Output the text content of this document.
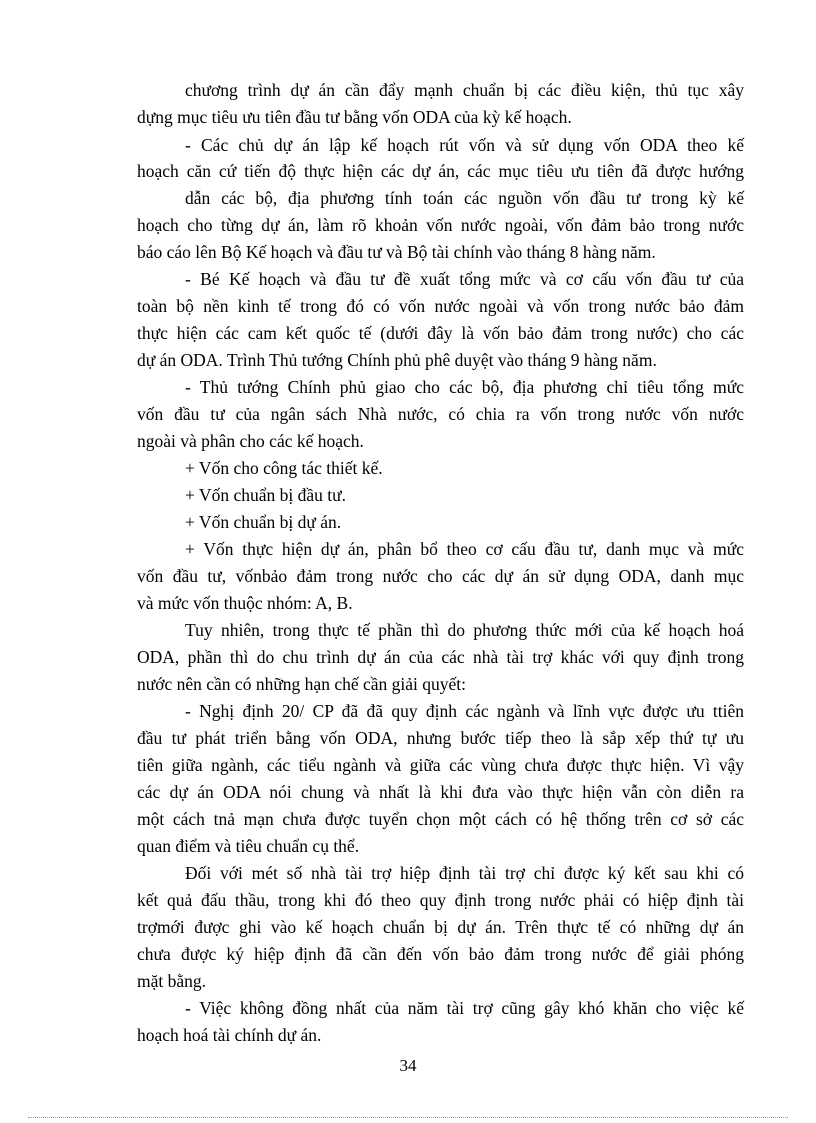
chương trình dự án cần đẩy mạnh chuẩn bị các điều kiện, thủ tục xây
dựng mục tiêu ưu tiên đầu tư bằng vốn ODA của kỳ kế hoạch.
- Các chủ dự án lập kế hoạch rút vốn và sử dụng vốn ODA theo kế
hoạch căn cứ tiến độ thực hiện các dự án, các mục tiêu ưu tiên đã được hướng
dẫn các bộ, địa phương tính toán các nguồn vốn đầu tư trong kỳ kế
hoạch cho từng dự án, làm rõ khoản vốn nước ngoài, vốn đảm bảo trong nước
báo cáo lên Bộ Kế hoạch và đầu tư và Bộ tài chính vào tháng 8 hàng năm.
- Bé Kế hoạch và đầu tư đề xuất tổng mức và cơ cấu vốn đầu tư của
toàn bộ nền kinh tế trong đó có vốn nước ngoài và vốn trong nước bảo đảm
thực hiện các cam kết quốc tế (dưới đây là vốn bảo đảm trong nước) cho các
dự án ODA. Trình Thủ tướng Chính phủ phê duyệt vào tháng 9 hàng năm.
- Thủ tướng Chính phủ giao cho các bộ, địa phương chỉ tiêu tổng mức
vốn đầu tư của ngân sách Nhà nước, có chia ra vốn trong nước vốn nước
ngoài và phân cho các kế hoạch.
+ Vốn cho công tác thiết kế.
+ Vốn chuẩn bị đầu tư.
+ Vốn chuẩn bị dự án.
+ Vốn thực hiện dự án, phân bổ theo cơ cấu đầu tư, danh mục và mức
vốn đầu tư, vốnbảo đảm trong nước cho các dự án sử dụng ODA, danh mục
và mức vốn thuộc nhóm: A, B.
Tuy nhiên, trong thực tế phần thì do phương thức mới của kế hoạch hoá
ODA, phần thì do chu trình dự án của các nhà tài trợ khác với quy định trong
nước nên cần có những hạn chế cần giải quyết:
- Nghị định 20/ CP đã đã quy định các ngành và lĩnh vực được ưu ttiên
đầu tư phát triển bằng vốn ODA, nhưng bước tiếp theo là sắp xếp thứ tự ưu
tiên giữa ngành, các tiểu ngành và giữa các vùng chưa được thực hiện. Vì vậy
các dự án ODA nói chung và nhất là khi đưa vào thực hiện vẫn còn diễn ra
một cách tnả mạn chưa được tuyển chọn một cách có hệ thống trên cơ sở các
quan điểm và tiêu chuẩn cụ thể.
Đối với mét số nhà tài trợ hiệp định tài trợ chỉ được ký kết sau khi có
kết quả đấu thầu, trong khi đó theo quy định trong nước phải có hiệp định tài
trợmới được ghi vào kế hoạch chuẩn bị dự án. Trên thực tế có những dự án
chưa được ký hiệp định đã cần đến vốn bảo đảm trong nước để giải phóng
mặt bằng.
- Việc không đồng nhất của năm tài trợ cũng gây khó khăn cho việc kế
hoạch hoá tài chính dự án.
34
